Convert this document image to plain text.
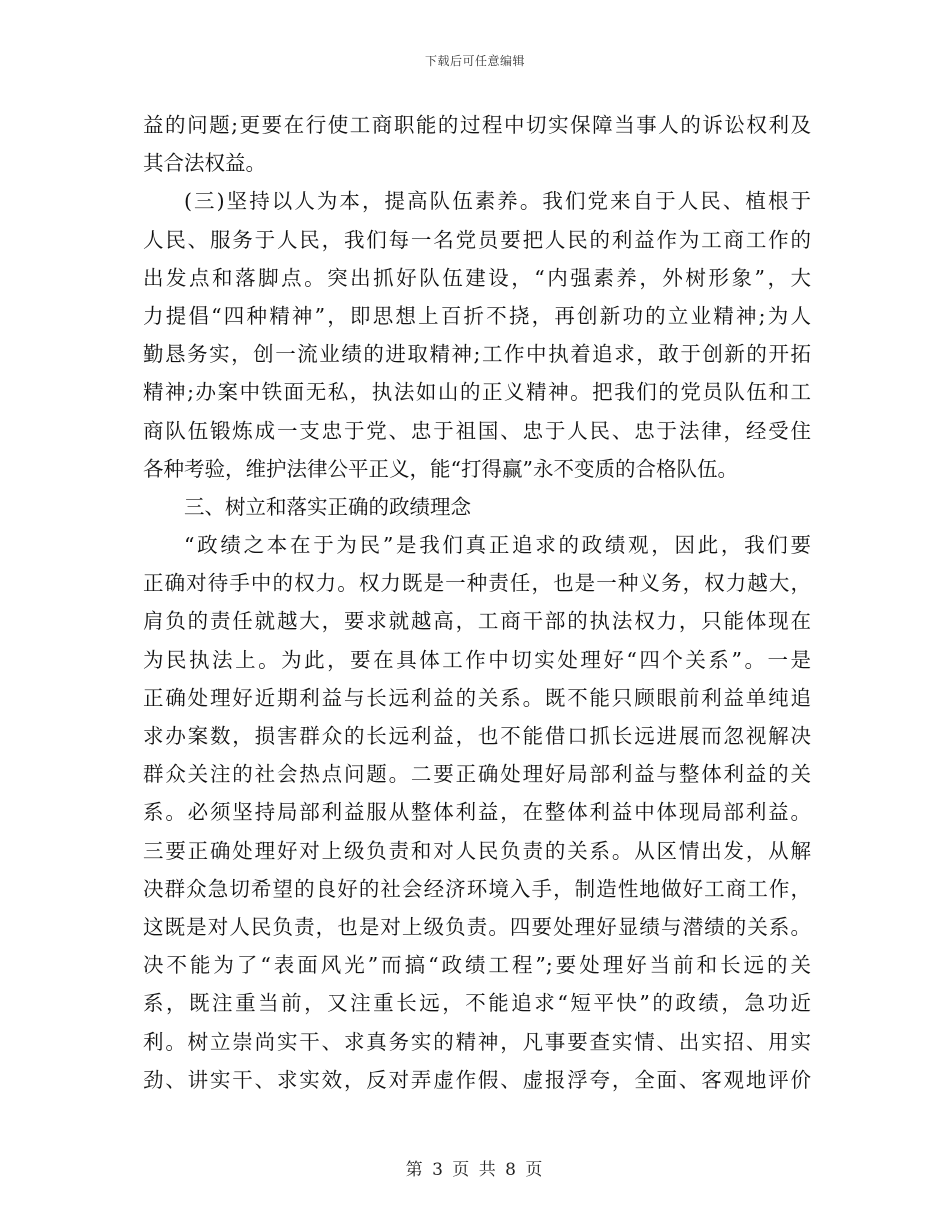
下载后可任意编辑
益的问题;更要在行使工商职能的过程中切实保障当事人的诉讼权利及
其合法权益。
(三)坚持以人为本，提高队伍素养。我们党来自于人民、植根于
人民、服务于人民，我们每一名党员要把人民的利益作为工商工作的
出发点和落脚点。突出抓好队伍建设，“内强素养，外树形象”，大
力提倡“四种精神”，即思想上百折不挠，再创新功的立业精神;为人
勤恳务实，创一流业绩的进取精神;工作中执着追求，敢于创新的开拓
精神;办案中铁面无私，执法如山的正义精神。把我们的党员队伍和工
商队伍锻炼成一支忠于党、忠于祖国、忠于人民、忠于法律，经受住
各种考验，维护法律公平正义，能“打得赢”永不变质的合格队伍。
三、树立和落实正确的政绩理念
“政绩之本在于为民”是我们真正追求的政绩观，因此，我们要
正确对待手中的权力。权力既是一种责任，也是一种义务，权力越大，
肩负的责任就越大，要求就越高，工商干部的执法权力，只能体现在
为民执法上。为此，要在具体工作中切实处理好“四个关系”。一是
正确处理好近期利益与长远利益的关系。既不能只顾眼前利益单纯追
求办案数，损害群众的长远利益，也不能借口抓长远进展而忽视解决
群众关注的社会热点问题。二要正确处理好局部利益与整体利益的关
系。必须坚持局部利益服从整体利益，在整体利益中体现局部利益。
三要正确处理好对上级负责和对人民负责的关系。从区情出发，从解
决群众急切希望的良好的社会经济环境入手，制造性地做好工商工作，
这既是对人民负责，也是对上级负责。四要处理好显绩与潜绩的关系。
决不能为了“表面风光”而搞“政绩工程”;要处理好当前和长远的关
系，既注重当前，又注重长远，不能追求“短平快”的政绩，急功近
利。树立崇尚实干、求真务实的精神，凡事要查实情、出实招、用实
劲、讲实干、求实效，反对弄虚作假、虚报浮夸，全面、客观地评价
第 3 页 共 8 页
